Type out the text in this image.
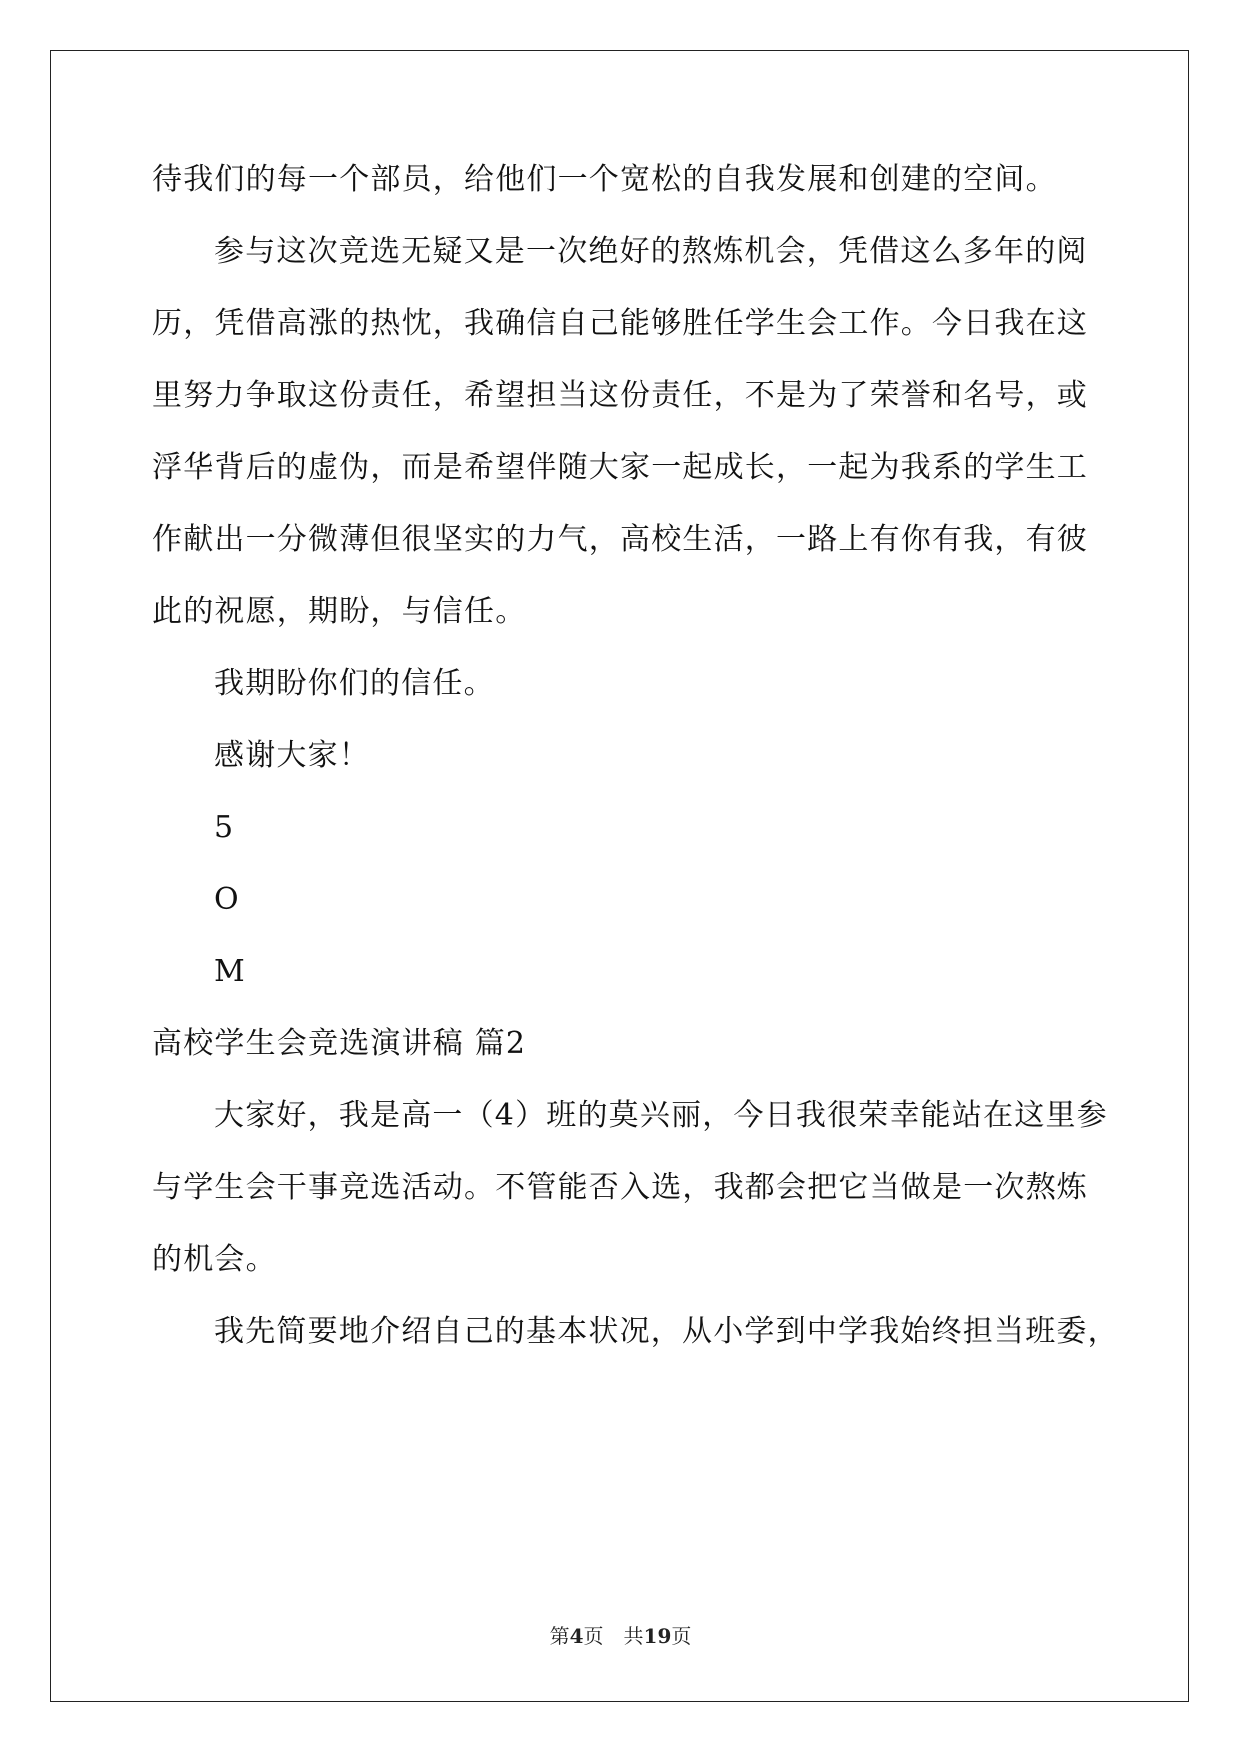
待我们的每一个部员，给他们一个宽松的自我发展和创建的空间。
参与这次竞选无疑又是一次绝好的熬炼机会，凭借这么多年的阅
历，凭借高涨的热忱，我确信自己能够胜任学生会工作。今日我在这
里努力争取这份责任，希望担当这份责任，不是为了荣誉和名号，或
浮华背后的虚伪，而是希望伴随大家一起成长，一起为我系的学生工
作献出一分微薄但很坚实的力气，高校生活，一路上有你有我，有彼
此的祝愿，期盼，与信任。
我期盼你们的信任。
感谢大家！
5
O
M
高校学生会竞选演讲稿 篇2
大家好，我是高一（4）班的莫兴丽，今日我很荣幸能站在这里参
与学生会干事竞选活动。不管能否入选，我都会把它当做是一次熬炼
的机会。
我先简要地介绍自己的基本状况，从小学到中学我始终担当班委，
第4页 共19页
